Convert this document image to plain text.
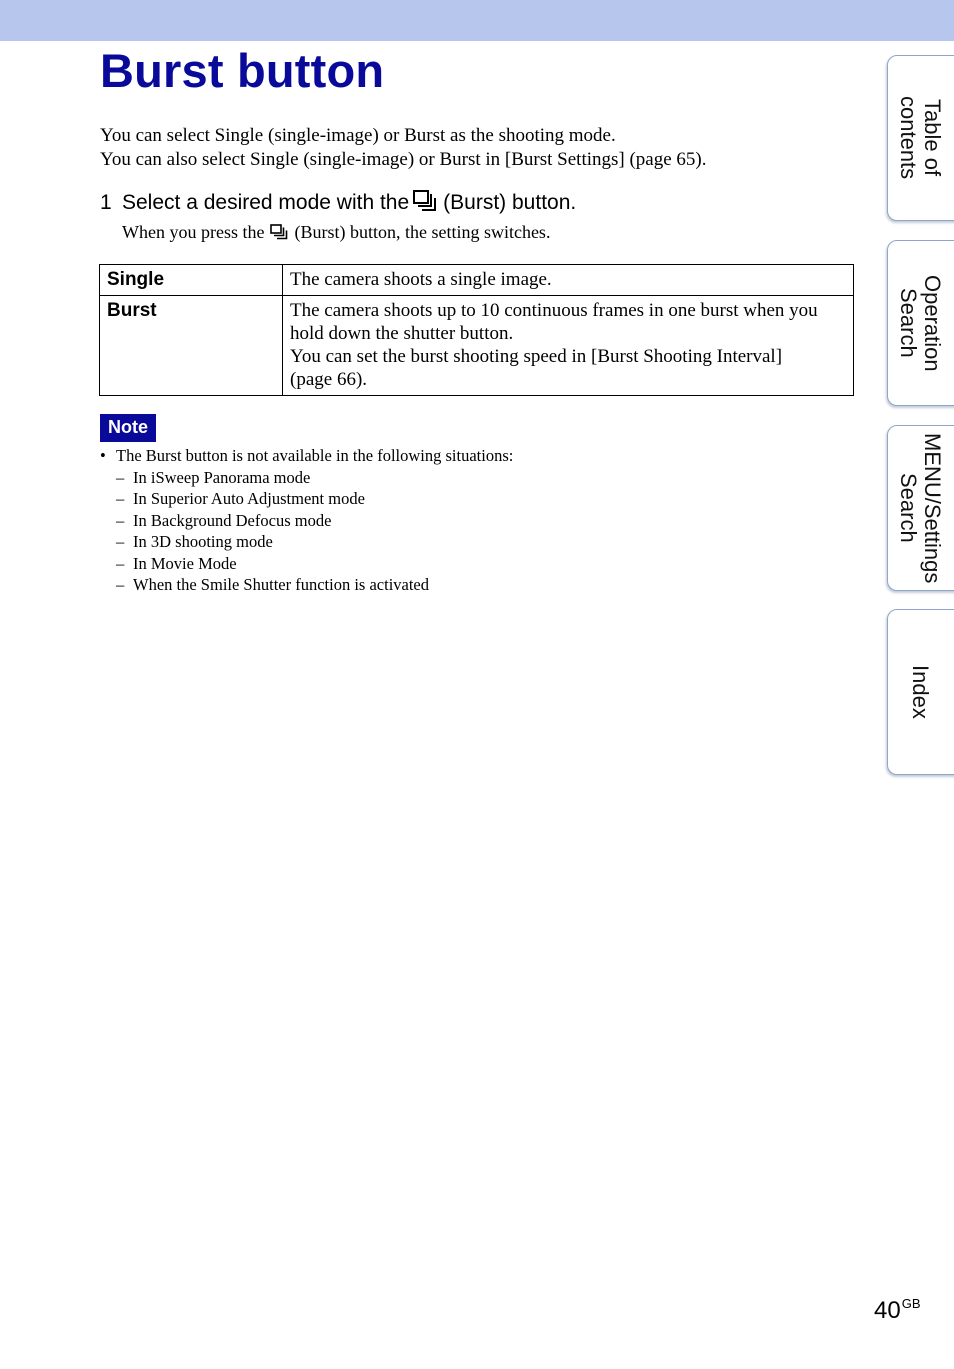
Burst button
You can select Single (single-image) or Burst as the shooting mode.
You can also select Single (single-image) or Burst in [Burst Settings] (page 65).
1 Select a desired mode with the (Burst) button.
When you press the (Burst) button, the setting switches.
Single	The camera shoots a single image.

Burst	The camera shoots up to 10 continuous frames in one burst when you
hold down the shutter button.
You can set the burst shooting speed in [Burst Shooting Interval]
(page 66).
Note
• The Burst button is not available in the following situations:
– In iSweep Panorama mode
– In Superior Auto Adjustment mode
– In Background Defocus mode
– In 3D shooting mode
– In Movie Mode
– When the Smile Shutter function is activated
Table of contents
Operation Search
MENU/Settings Search
Index
$40^{GB}$
